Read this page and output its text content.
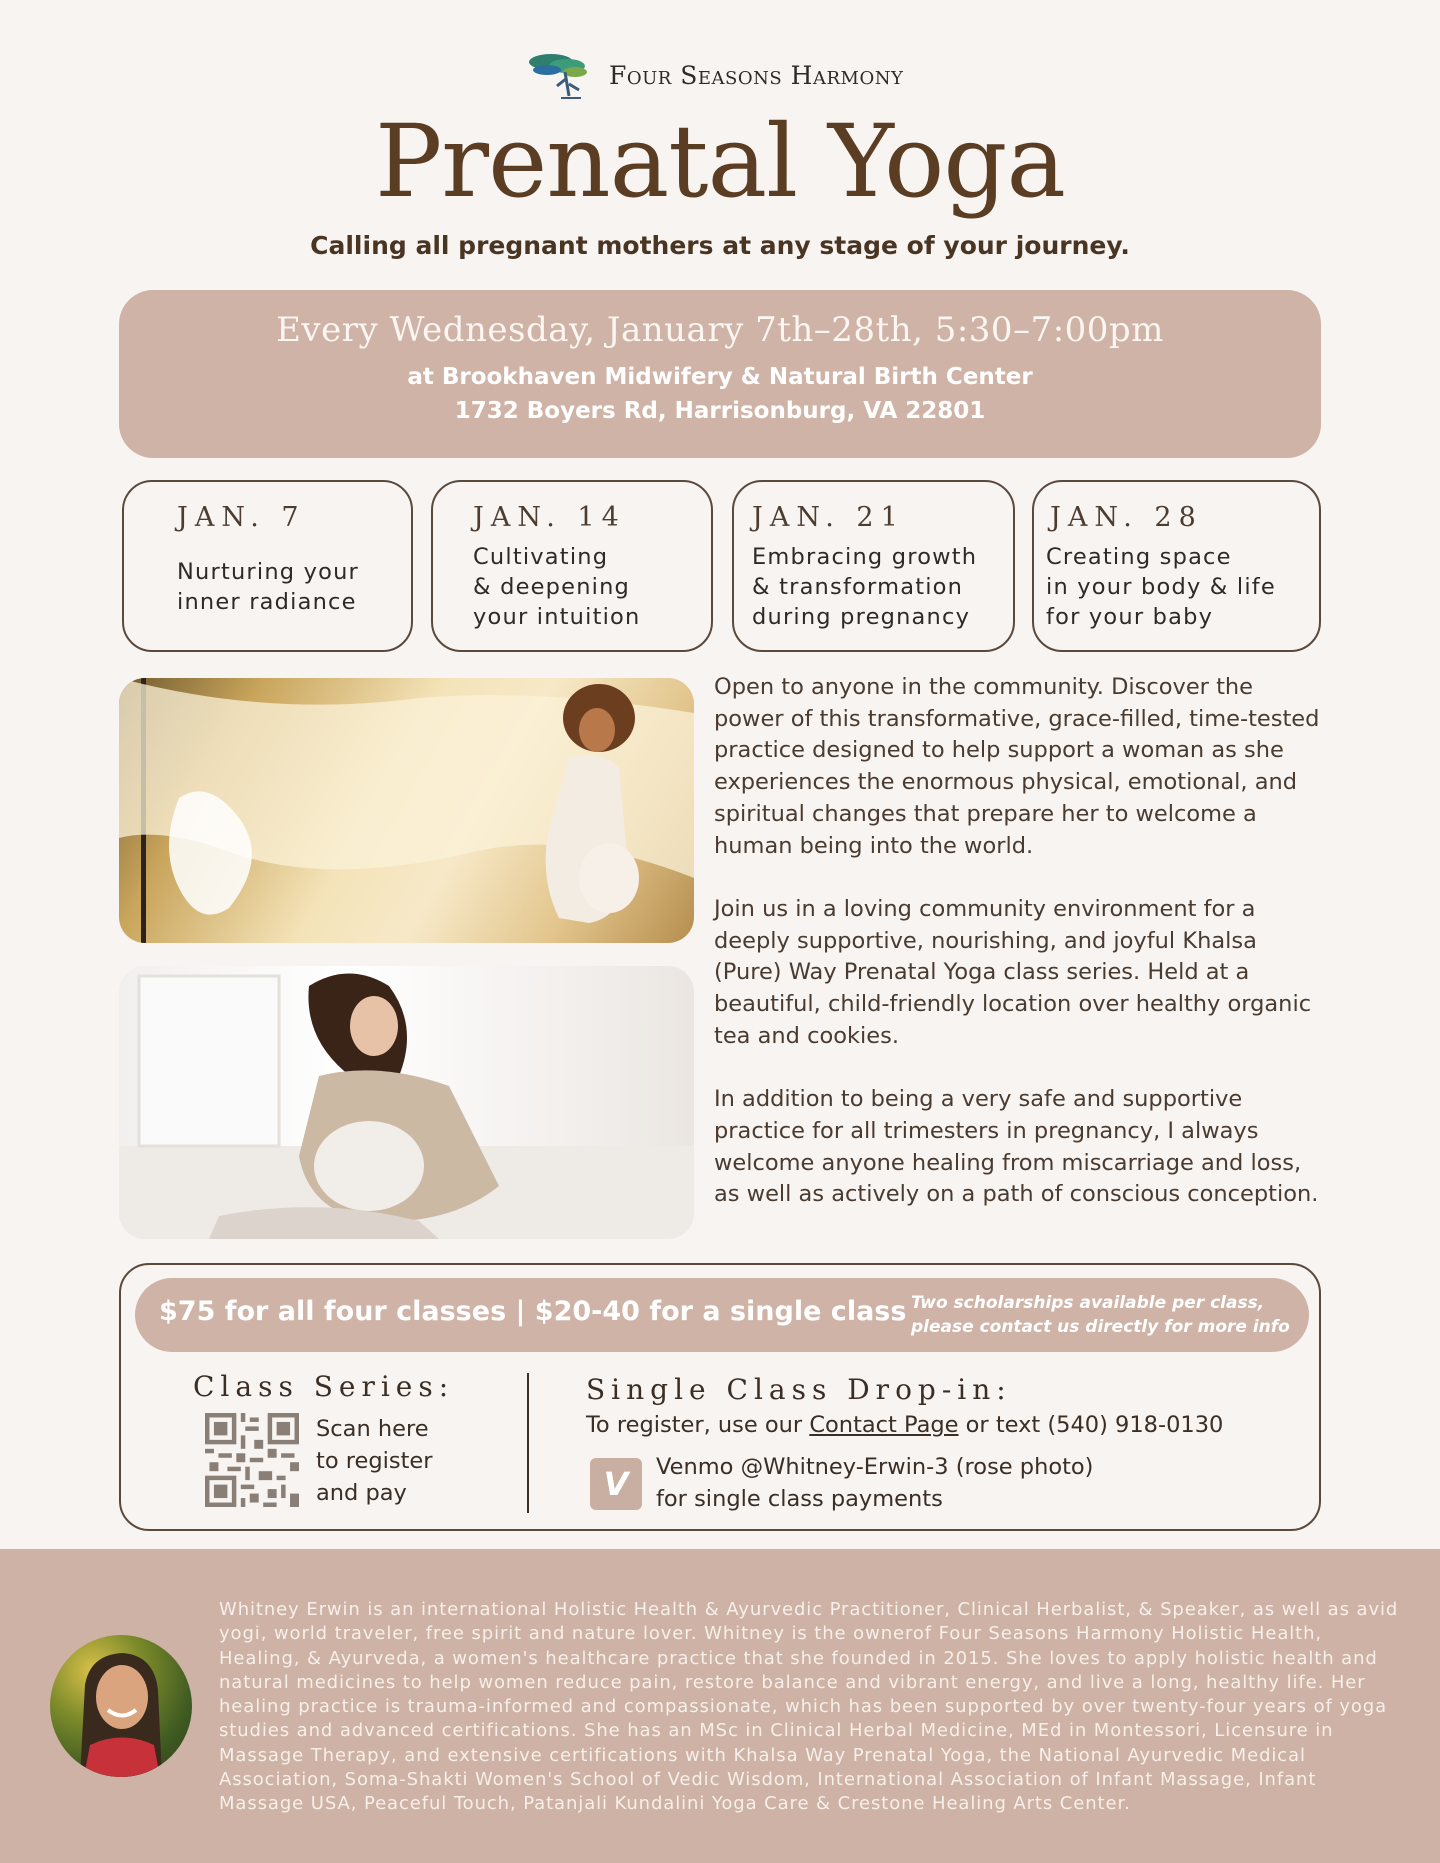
Four Seasons Harmony
Prenatal Yoga
Calling all pregnant mothers at any stage of your journey.
Every Wednesday, January 7th–28th, 5:30–7:00pm
at Brookhaven Midwifery & Natural Birth Center
1732 Boyers Rd, Harrisonburg, VA 22801
JAN. 7
Nurturing your
inner radiance
JAN. 14
Cultivating
& deepening
your intuition
JAN. 21
Embracing growth
& transformation
during pregnancy
JAN. 28
Creating space
in your body & life
for your baby

Open to anyone in the community. Discover the power of this transformative, grace-filled, time-tested practice designed to help support a woman as she experiences the enormous physical, emotional, and spiritual changes that prepare her to welcome a human being into the world.

Join us in a loving community environment for a deeply supportive, nourishing, and joyful Khalsa (Pure) Way Prenatal Yoga class series. Held at a beautiful, child-friendly location over healthy organic tea and cookies.

In addition to being a very safe and supportive practice for all trimesters in pregnancy, I always welcome anyone healing from miscarriage and loss, as well as actively on a path of conscious conception.

$75 for all four classes | $20-40 for a single class Two scholarships available per class,
please contact us directly for more info
Class Series:
Scan here
to register
and pay
Single Class Drop-in:
To register, use our Contact Page or text (540) 918-0130
V	Venmo @Whitney-Erwin-3 (rose photo)
for single class payments
Whitney Erwin is an international Holistic Health & Ayurvedic Practitioner, Clinical Herbalist, & Speaker, as well as avid yogi, world traveler, free spirit and nature lover. Whitney is the ownerof Four Seasons Harmony Holistic Health, Healing, & Ayurveda, a women's healthcare practice that she founded in 2015. She loves to apply holistic health and natural medicines to help women reduce pain, restore balance and vibrant energy, and live a long, healthy life. Her healing practice is trauma-informed and compassionate, which has been supported by over twenty-four years of yoga studies and advanced certifications. She has an MSc in Clinical Herbal Medicine, MEd in Montessori, Licensure in Massage Therapy, and extensive certifications with Khalsa Way Prenatal Yoga, the National Ayurvedic Medical Association, Soma-Shakti Women's School of Vedic Wisdom, International Association of Infant Massage, Infant Massage USA, Peaceful Touch, Patanjali Kundalini Yoga Care & Crestone Healing Arts Center.
